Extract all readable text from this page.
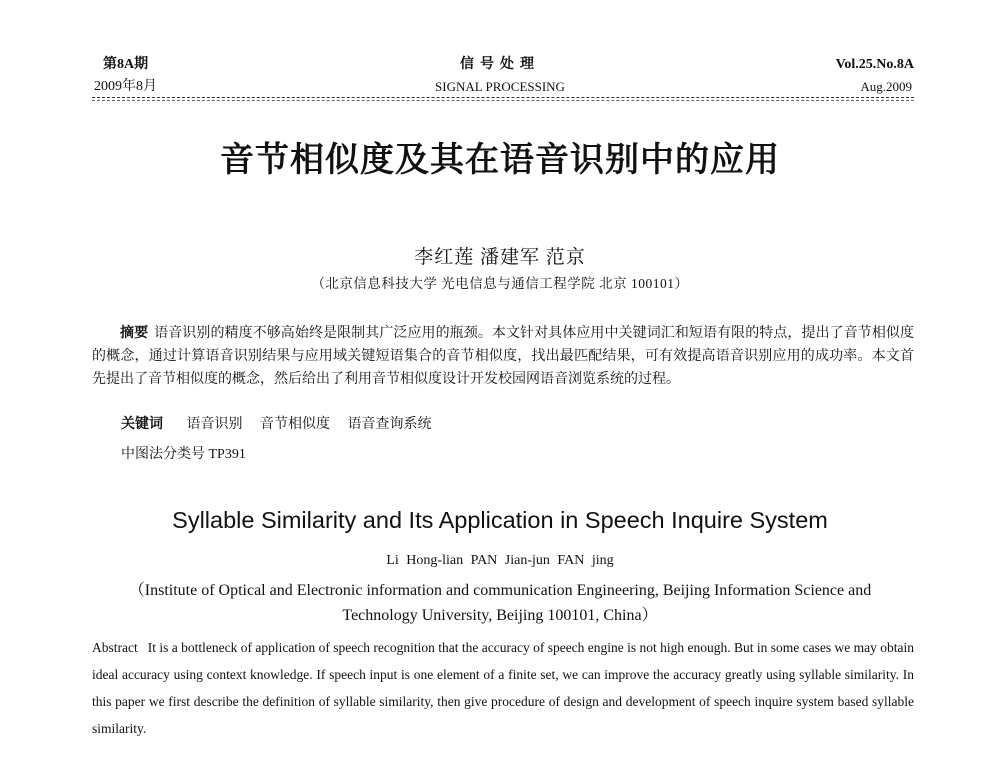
第8A期
2009年8月
信号处理
SIGNAL PROCESSING
Vol.25.No.8A
Aug.2009
音节相似度及其在语音识别中的应用
李红莲 潘建军 范京
（北京信息科技大学 光电信息与通信工程学院 北京 100101）
摘要 语音识别的精度不够高始终是限制其广泛应用的瓶颈。本文针对具体应用中关键词汇和短语有限的特点，提出了音节相似度的概念，通过计算语音识别结果与应用域关键短语集合的音节相似度，找出最匹配结果，可有效提高语音识别应用的成功率。本文首先提出了音节相似度的概念，然后给出了利用音节相似度设计开发校园网语音浏览系统的过程。
关键词 语音识别 音节相似度 语音查询系统
中图法分类号 TP391
Syllable Similarity and Its Application in Speech Inquire System
Li Hong-lian PAN Jian-jun FAN jing
（Institute of Optical and Electronic information and communication Engineering, Beijing Information Science and Technology University, Beijing 100101, China）
Abstract It is a bottleneck of application of speech recognition that the accuracy of speech engine is not high enough. But in some cases we may obtain ideal accuracy using context knowledge. If speech input is one element of a finite set, we can improve the accuracy greatly using syllable similarity. In this paper we first describe the definition of syllable similarity, then give procedure of design and development of speech inquire system based syllable similarity.
